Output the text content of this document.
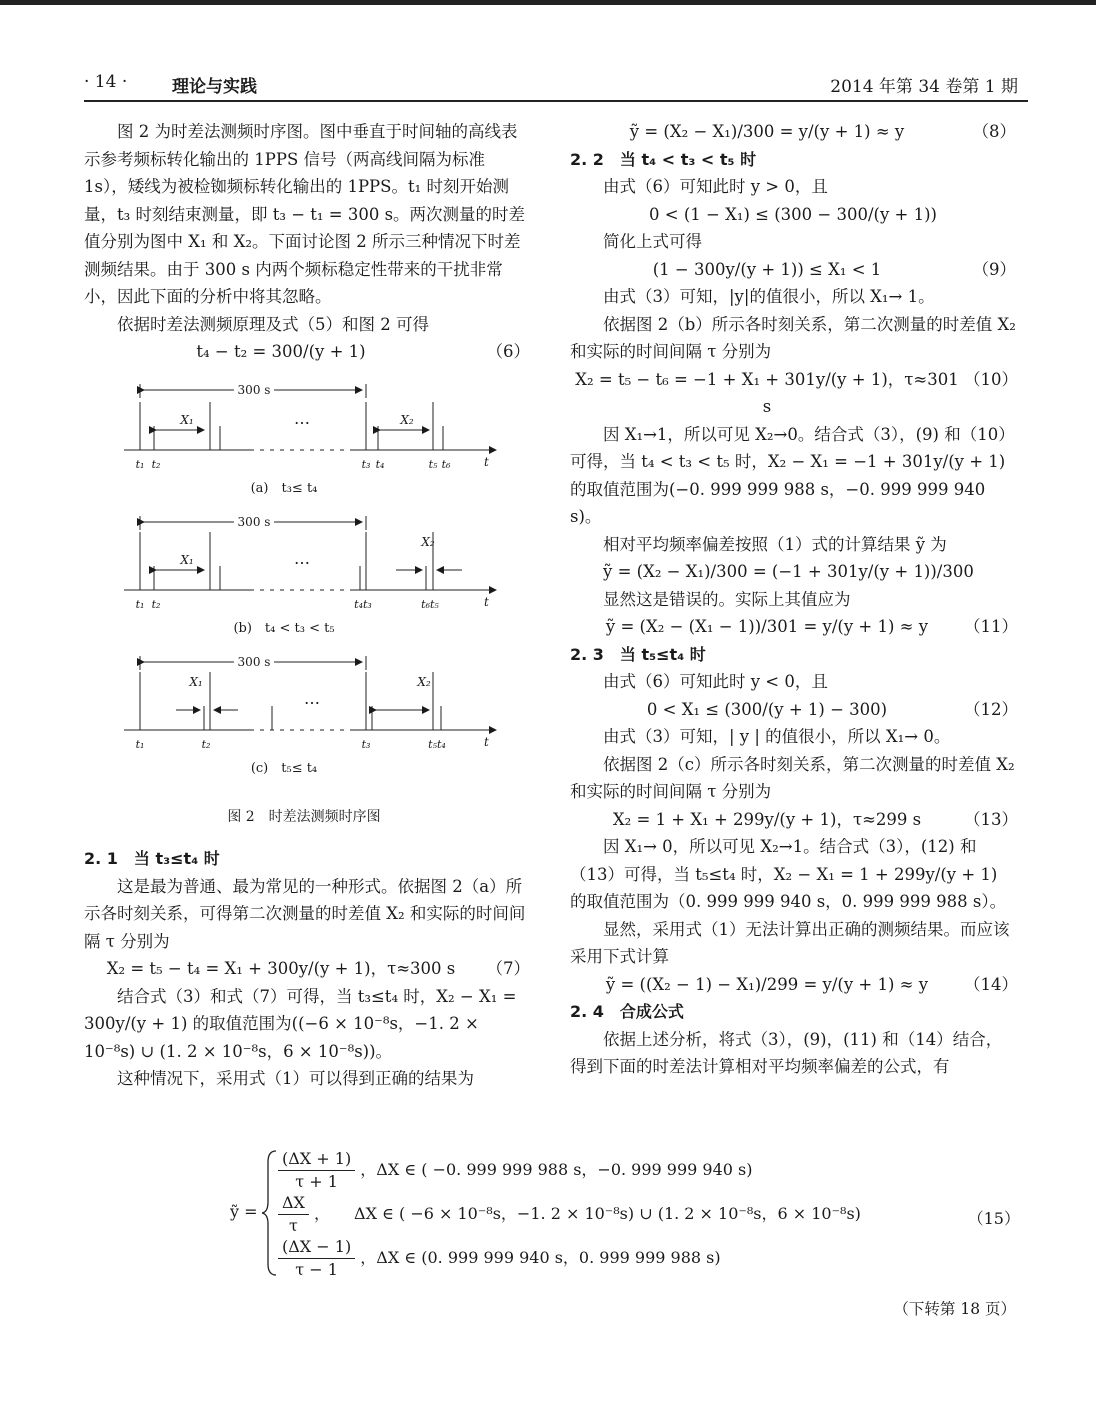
· 14 ·	理论与实践	2014 年第 34 卷第 1 期

图 2 为时差法测频时序图。图中垂直于时间轴的高线表示参考频标转化输出的 1PPS 信号（两高线间隔为标准 1s），矮线为被检铷频标转化输出的 1PPS。t₁ 时刻开始测量，t₃ 时刻结束测量，即 t₃ − t₁ = 300 s。两次测量的时差值分别为图中 X₁ 和 X₂。下面讨论图 2 所示三种情况下时差测频结果。由于 300 s 内两个频标稳定性带来的干扰非常小，因此下面的分析中将其忽略。

依据时差法测频原理及式（5）和图 2 可得

t₄ − t₂ = 300/(y + 1)	（6）
300 s
X₁	X₂
…
t₁ t₂	t₃ t₄	t₅ t₆	t
(a)　t₃≤ t₄
300 s
X₁
X₂
…
t₁ t₂	t₄t₃	t₆t₅	t
(b)　t₄ < t₃ < t₅
300 s
X₁	X₂
…
t₁	t₂	t₃	t₅t₄	t
(c)　t₅≤ t₄
图 2　时差法测频时序图

2. 1　当 t₃≤t₄ 时

这是最为普通、最为常见的一种形式。依据图 2（a）所示各时刻关系，可得第二次测量的时差值 X₂ 和实际的时间间隔 τ 分别为

X₂ = t₅ − t₄ = X₁ + 300y/(y + 1)，τ≈300 s	（7）

结合式（3）和式（7）可得，当 t₃≤t₄ 时，X₂ − X₁ = 300y/(y + 1) 的取值范围为((−6 × 10⁻⁸s，−1. 2 × 10⁻⁸s) ∪ (1. 2 × 10⁻⁸s，6 × 10⁻⁸s))。

这种情况下，采用式（1）可以得到正确的结果为

ỹ = (X₂ − X₁)/300 = y/(y + 1) ≈ y	（8）

2. 2　当 t₄ < t₃ < t₅ 时

由式（6）可知此时 y > 0，且

0 < (1 − X₁) ≤ (300 − 300/(y + 1))

简化上式可得

(1 − 300y/(y + 1)) ≤ X₁ < 1	（9）

由式（3）可知，|y|的值很小，所以 X₁→ 1。

依据图 2（b）所示各时刻关系，第二次测量的时差值 X₂ 和实际的时间间隔 τ 分别为

X₂ = t₅ − t₆ = −1 + X₁ + 301y/(y + 1)，τ≈301 s
（10）

因 X₁→1，所以可见 X₂→0。结合式（3），(9) 和（10）可得，当 t₄ < t₃ < t₅ 时，X₂ − X₁ = −1 + 301y/(y + 1) 的取值范围为(−0. 999 999 988 s，−0. 999 999 940 s)。

相对平均频率偏差按照（1）式的计算结果 ỹ 为

ỹ = (X₂ − X₁)/300 = (−1 + 301y/(y + 1))/300

显然这是错误的。实际上其值应为

ỹ = (X₂ − (X₁ − 1))/301 = y/(y + 1) ≈ y	（11）

2. 3　当 t₅≤t₄ 时

由式（6）可知此时 y < 0，且

0 < X₁ ≤ (300/(y + 1) − 300)	（12）

由式（3）可知，| y | 的值很小，所以 X₁→ 0。

依据图 2（c）所示各时刻关系，第二次测量的时差值 X₂ 和实际的时间间隔 τ 分别为

X₂ = 1 + X₁ + 299y/(y + 1)，τ≈299 s	（13）

因 X₁→ 0，所以可见 X₂→1。结合式（3），(12) 和（13）可得，当 t₅≤t₄ 时，X₂ − X₁ = 1 + 299y/(y + 1) 的取值范围为（0. 999 999 940 s，0. 999 999 988 s）。

显然，采用式（1）无法计算出正确的测频结果。而应该采用下式计算

ỹ = ((X₂ − 1) − X₁)/299 = y/(y + 1) ≈ y	（14）

2. 4　合成公式

依据上述分析，将式（3），(9)，(11) 和（14）结合，得到下面的时差法计算相对平均频率偏差的公式，有

ỹ =
$\frac{(\Delta X + 1)}{\tau + 1}$ ，ΔX ∈ ( −0. 999 999 988 s，−0. 999 999 940 s)
$\frac{\Delta X}{\tau}$ ，　　ΔX ∈ ( −6 × 10⁻⁸s，−1. 2 × 10⁻⁸s) ∪ (1. 2 × 10⁻⁸s，6 × 10⁻⁸s)
$\frac{(\Delta X - 1)}{\tau - 1}$ ，ΔX ∈ (0. 999 999 940 s，0. 999 999 988 s)
（15）
（下转第 18 页）
